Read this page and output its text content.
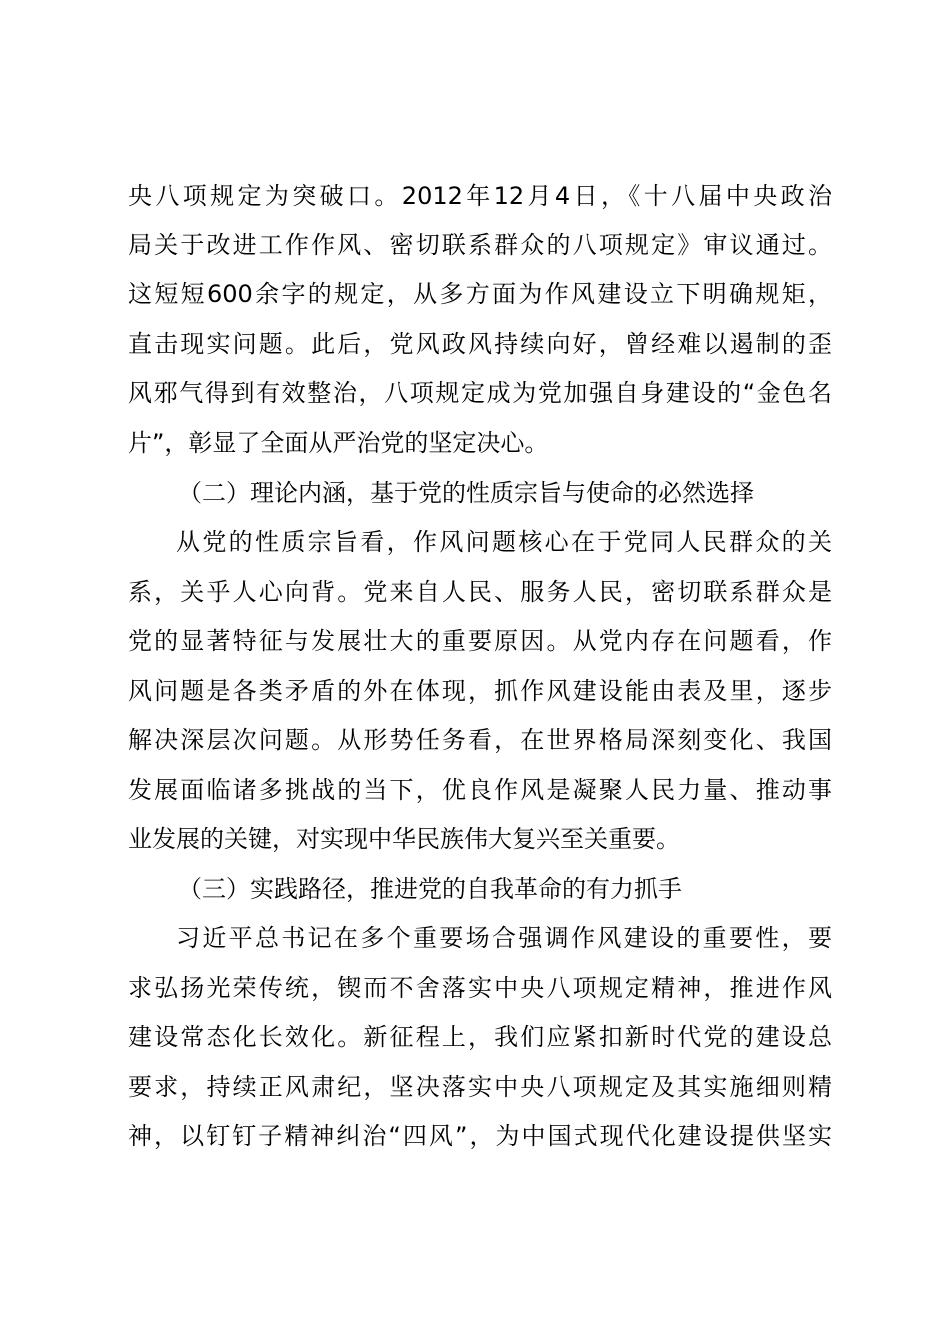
央八项规定为突破口。2012年12月4日，《十八届中央政治
局关于改进工作作风、密切联系群众的八项规定》审议通过。
这短短600余字的规定，从多方面为作风建设立下明确规矩，
直击现实问题。此后，党风政风持续向好，曾经难以遏制的歪
风邪气得到有效整治，八项规定成为党加强自身建设的“金色名
片”，彰显了全面从严治党的坚定决心。
（二）理论内涵，基于党的性质宗旨与使命的必然选择
从党的性质宗旨看，作风问题核心在于党同人民群众的关
系，关乎人心向背。党来自人民、服务人民，密切联系群众是
党的显著特征与发展壮大的重要原因。从党内存在问题看，作
风问题是各类矛盾的外在体现，抓作风建设能由表及里，逐步
解决深层次问题。从形势任务看，在世界格局深刻变化、我国
发展面临诸多挑战的当下，优良作风是凝聚人民力量、推动事
业发展的关键，对实现中华民族伟大复兴至关重要。
（三）实践路径，推进党的自我革命的有力抓手
习近平总书记在多个重要场合强调作风建设的重要性，要
求弘扬光荣传统，锲而不舍落实中央八项规定精神，推进作风
建设常态化长效化。新征程上，我们应紧扣新时代党的建设总
要求，持续正风肃纪，坚决落实中央八项规定及其实施细则精
神，以钉钉子精神纠治“四风”，为中国式现代化建设提供坚实
